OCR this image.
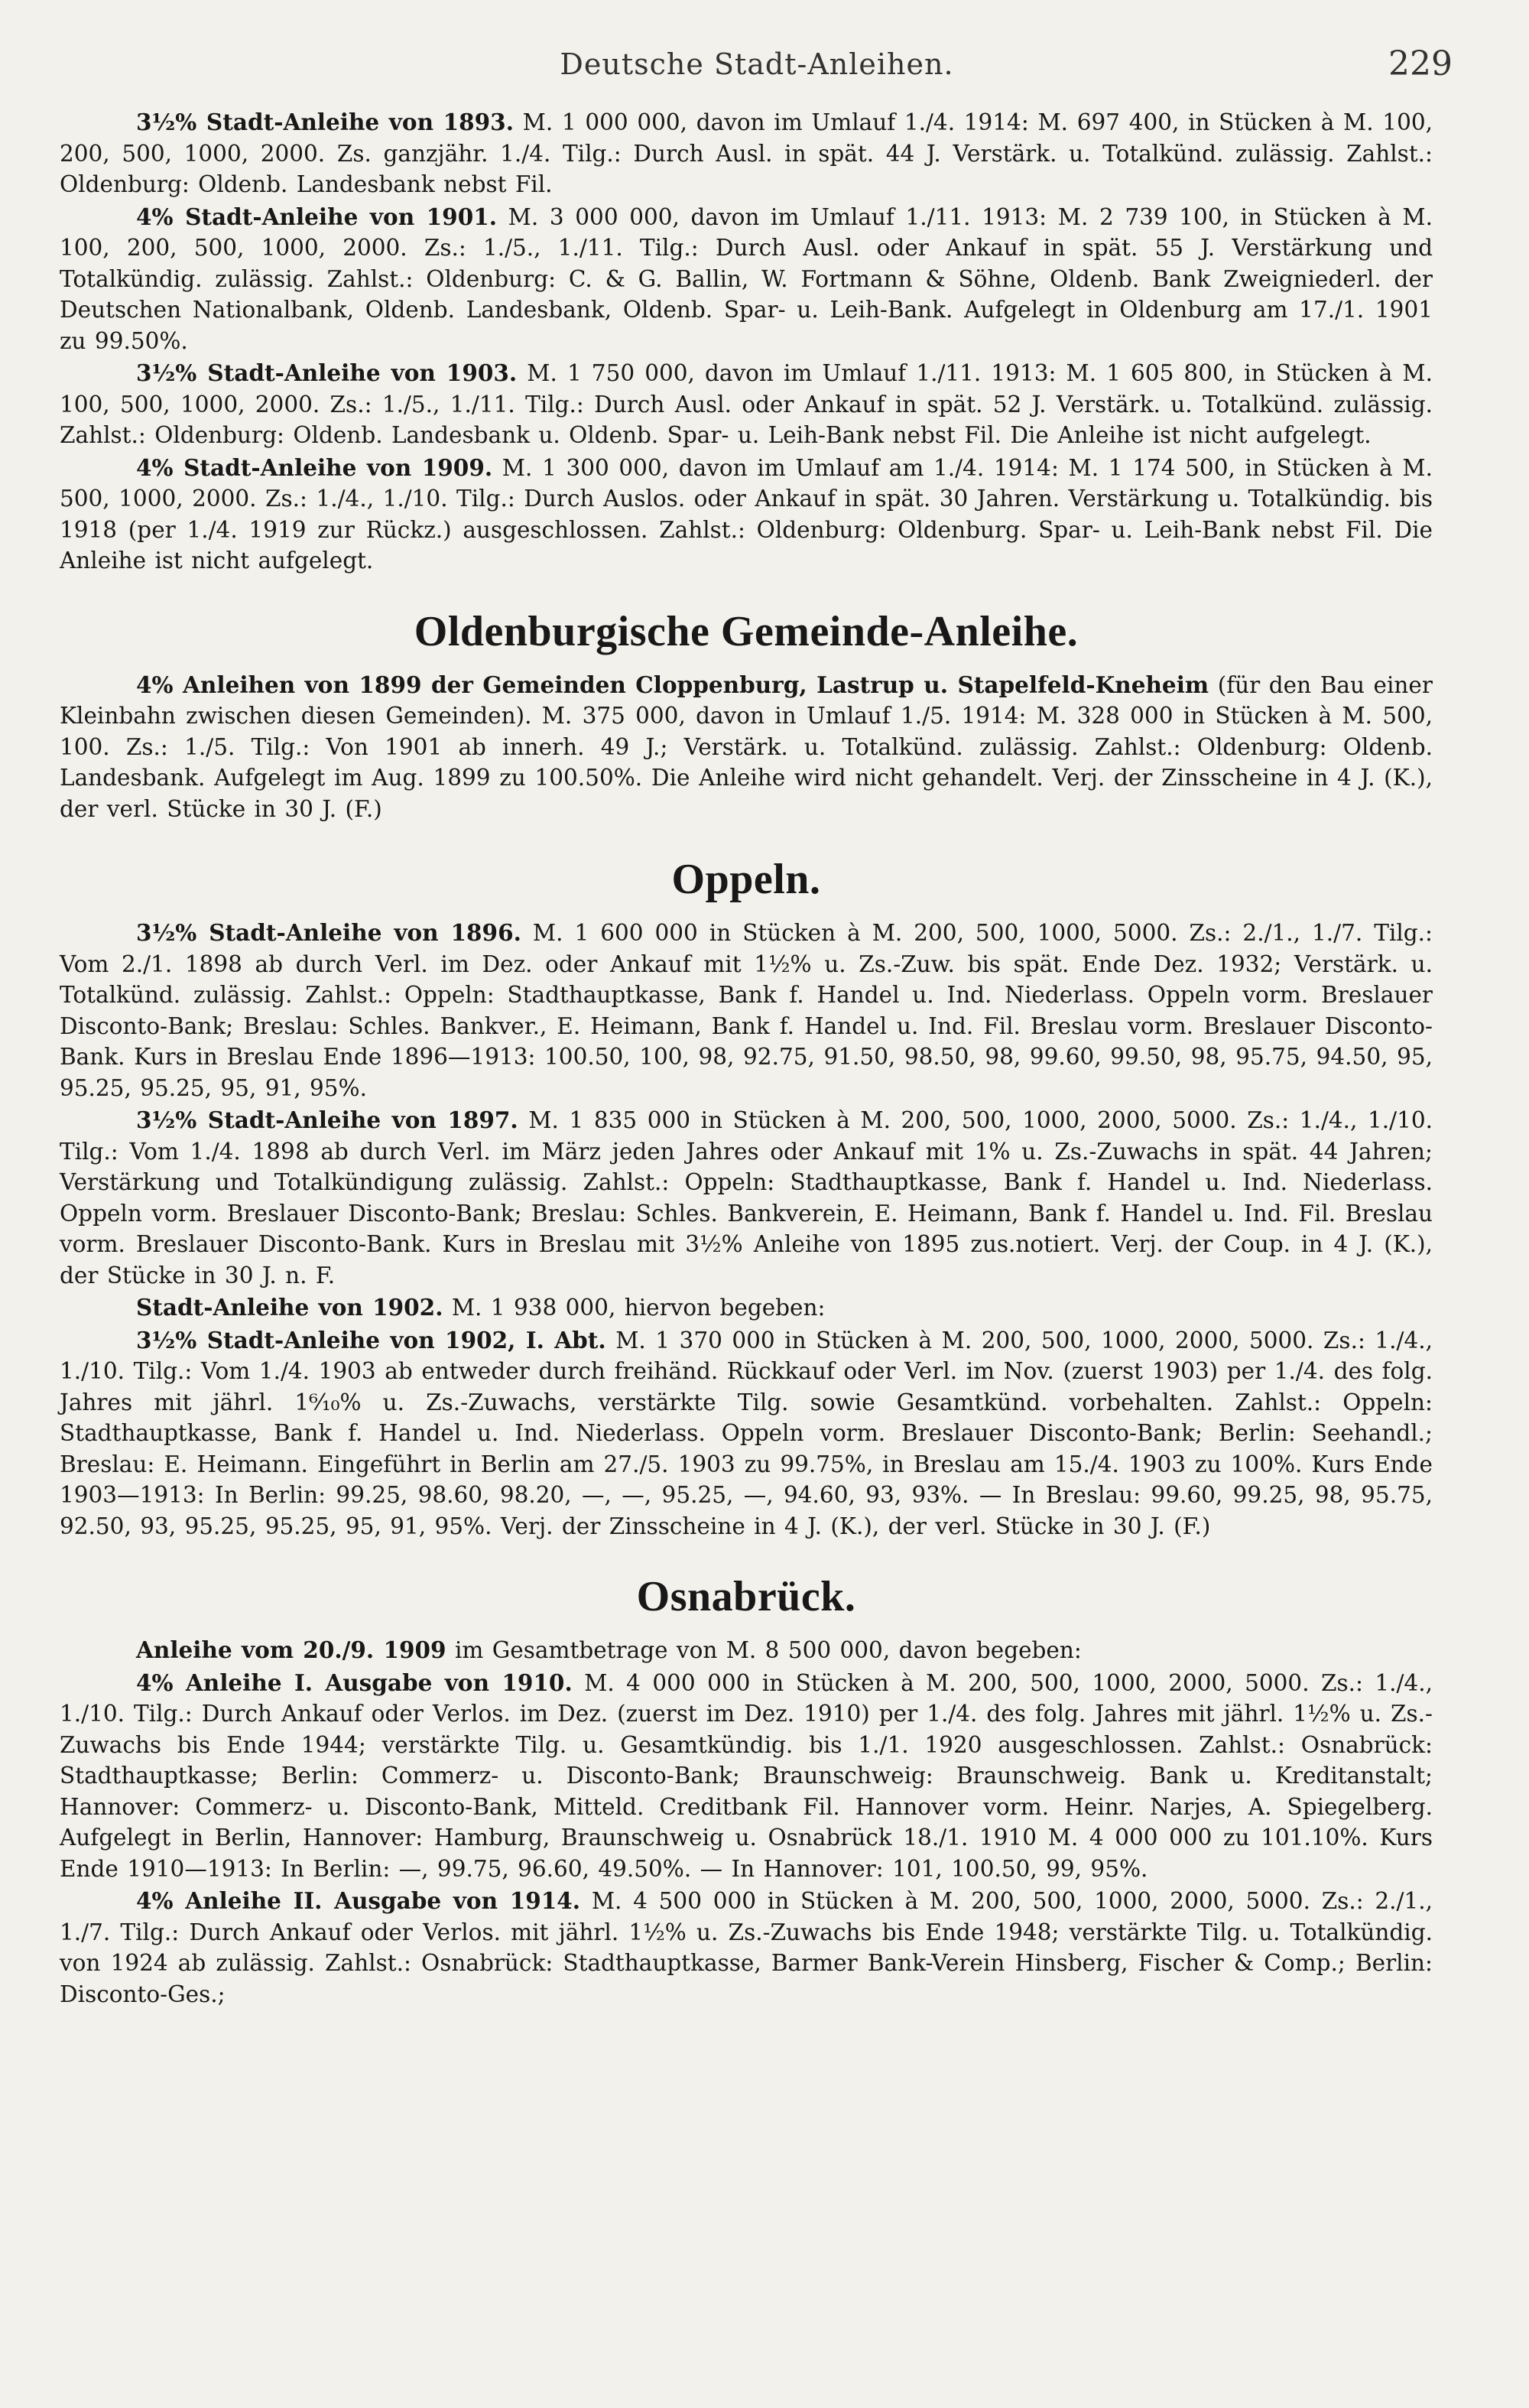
Deutsche Stadt-Anleihen.	229

3½% Stadt-Anleihe von 1893. M. 1 000 000, davon im Umlauf 1./4. 1914: M. 697 400, in Stücken à M. 100, 200, 500, 1000, 2000. Zs. ganzjähr. 1./4. Tilg.: Durch Ausl. in spät. 44 J. Verstärk. u. Totalkünd. zulässig. Zahlst.: Oldenburg: Oldenb. Landesbank nebst Fil.

4% Stadt-Anleihe von 1901. M. 3 000 000, davon im Umlauf 1./11. 1913: M. 2 739 100, in Stücken à M. 100, 200, 500, 1000, 2000. Zs.: 1./5., 1./11. Tilg.: Durch Ausl. oder Ankauf in spät. 55 J. Verstärkung und Totalkündig. zulässig. Zahlst.: Oldenburg: C. & G. Ballin, W. Fortmann & Söhne, Oldenb. Bank Zweigniederl. der Deutschen Nationalbank, Oldenb. Landesbank, Oldenb. Spar- u. Leih-Bank. Aufgelegt in Oldenburg am 17./1. 1901 zu 99.50%.

3½% Stadt-Anleihe von 1903. M. 1 750 000, davon im Umlauf 1./11. 1913: M. 1 605 800, in Stücken à M. 100, 500, 1000, 2000. Zs.: 1./5., 1./11. Tilg.: Durch Ausl. oder Ankauf in spät. 52 J. Verstärk. u. Totalkünd. zulässig. Zahlst.: Oldenburg: Oldenb. Landesbank u. Oldenb. Spar- u. Leih-Bank nebst Fil. Die Anleihe ist nicht aufgelegt.

4% Stadt-Anleihe von 1909. M. 1 300 000, davon im Umlauf am 1./4. 1914: M. 1 174 500, in Stücken à M. 500, 1000, 2000. Zs.: 1./4., 1./10. Tilg.: Durch Auslos. oder Ankauf in spät. 30 Jahren. Verstärkung u. Totalkündig. bis 1918 (per 1./4. 1919 zur Rückz.) ausgeschlossen. Zahlst.: Oldenburg: Oldenburg. Spar- u. Leih-Bank nebst Fil. Die Anleihe ist nicht aufgelegt.

Oldenburgische Gemeinde-Anleihe.

4% Anleihen von 1899 der Gemeinden Cloppenburg, Lastrup u. Stapelfeld-Kneheim (für den Bau einer Kleinbahn zwischen diesen Gemeinden). M. 375 000, davon in Umlauf 1./5. 1914: M. 328 000 in Stücken à M. 500, 100. Zs.: 1./5. Tilg.: Von 1901 ab innerh. 49 J.; Verstärk. u. Totalkünd. zulässig. Zahlst.: Oldenburg: Oldenb. Landesbank. Aufgelegt im Aug. 1899 zu 100.50%. Die Anleihe wird nicht gehandelt. Verj. der Zinsscheine in 4 J. (K.), der verl. Stücke in 30 J. (F.)

Oppeln.

3½% Stadt-Anleihe von 1896. M. 1 600 000 in Stücken à M. 200, 500, 1000, 5000. Zs.: 2./1., 1./7. Tilg.: Vom 2./1. 1898 ab durch Verl. im Dez. oder Ankauf mit 1½% u. Zs.-Zuw. bis spät. Ende Dez. 1932; Verstärk. u. Totalkünd. zulässig. Zahlst.: Oppeln: Stadthauptkasse, Bank f. Handel u. Ind. Niederlass. Oppeln vorm. Breslauer Disconto-Bank; Breslau: Schles. Bankver., E. Heimann, Bank f. Handel u. Ind. Fil. Breslau vorm. Breslauer Disconto-Bank. Kurs in Breslau Ende 1896—1913: 100.50, 100, 98, 92.75, 91.50, 98.50, 98, 99.60, 99.50, 98, 95.75, 94.50, 95, 95.25, 95.25, 95, 91, 95%.

3½% Stadt-Anleihe von 1897. M. 1 835 000 in Stücken à M. 200, 500, 1000, 2000, 5000. Zs.: 1./4., 1./10. Tilg.: Vom 1./4. 1898 ab durch Verl. im März jeden Jahres oder Ankauf mit 1% u. Zs.-Zuwachs in spät. 44 Jahren; Verstärkung und Totalkündigung zulässig. Zahlst.: Oppeln: Stadthauptkasse, Bank f. Handel u. Ind. Niederlass. Oppeln vorm. Breslauer Disconto-Bank; Breslau: Schles. Bankverein, E. Heimann, Bank f. Handel u. Ind. Fil. Breslau vorm. Breslauer Disconto-Bank. Kurs in Breslau mit 3½% Anleihe von 1895 zus.notiert. Verj. der Coup. in 4 J. (K.), der Stücke in 30 J. n. F.

Stadt-Anleihe von 1902. M. 1 938 000, hiervon begeben:

3½% Stadt-Anleihe von 1902, I. Abt. M. 1 370 000 in Stücken à M. 200, 500, 1000, 2000, 5000. Zs.: 1./4., 1./10. Tilg.: Vom 1./4. 1903 ab entweder durch freihänd. Rückkauf oder Verl. im Nov. (zuerst 1903) per 1./4. des folg. Jahres mit jährl. 1⁶⁄₁₀% u. Zs.-Zuwachs, verstärkte Tilg. sowie Gesamtkünd. vorbehalten. Zahlst.: Oppeln: Stadthauptkasse, Bank f. Handel u. Ind. Niederlass. Oppeln vorm. Breslauer Disconto-Bank; Berlin: Seehandl.; Breslau: E. Heimann. Eingeführt in Berlin am 27./5. 1903 zu 99.75%, in Breslau am 15./4. 1903 zu 100%. Kurs Ende 1903—1913: In Berlin: 99.25, 98.60, 98.20, —, —, 95.25, —, 94.60, 93, 93%. — In Breslau: 99.60, 99.25, 98, 95.75, 92.50, 93, 95.25, 95.25, 95, 91, 95%. Verj. der Zinsscheine in 4 J. (K.), der verl. Stücke in 30 J. (F.)

Osnabrück.

Anleihe vom 20./9. 1909 im Gesamtbetrage von M. 8 500 000, davon begeben:

4% Anleihe I. Ausgabe von 1910. M. 4 000 000 in Stücken à M. 200, 500, 1000, 2000, 5000. Zs.: 1./4., 1./10. Tilg.: Durch Ankauf oder Verlos. im Dez. (zuerst im Dez. 1910) per 1./4. des folg. Jahres mit jährl. 1½% u. Zs.-Zuwachs bis Ende 1944; verstärkte Tilg. u. Gesamtkündig. bis 1./1. 1920 ausgeschlossen. Zahlst.: Osnabrück: Stadthauptkasse; Berlin: Commerz- u. Disconto-Bank; Braunschweig: Braunschweig. Bank u. Kreditanstalt; Hannover: Commerz- u. Disconto-Bank, Mitteld. Creditbank Fil. Hannover vorm. Heinr. Narjes, A. Spiegelberg. Aufgelegt in Berlin, Hannover: Hamburg, Braunschweig u. Osnabrück 18./1. 1910 M. 4 000 000 zu 101.10%. Kurs Ende 1910—1913: In Berlin: —, 99.75, 96.60, 49.50%. — In Hannover: 101, 100.50, 99, 95%.

4% Anleihe II. Ausgabe von 1914. M. 4 500 000 in Stücken à M. 200, 500, 1000, 2000, 5000. Zs.: 2./1., 1./7. Tilg.: Durch Ankauf oder Verlos. mit jährl. 1½% u. Zs.-Zuwachs bis Ende 1948; verstärkte Tilg. u. Totalkündig. von 1924 ab zulässig. Zahlst.: Osnabrück: Stadthauptkasse, Barmer Bank-Verein Hinsberg, Fischer & Comp.; Berlin: Disconto-Ges.;
